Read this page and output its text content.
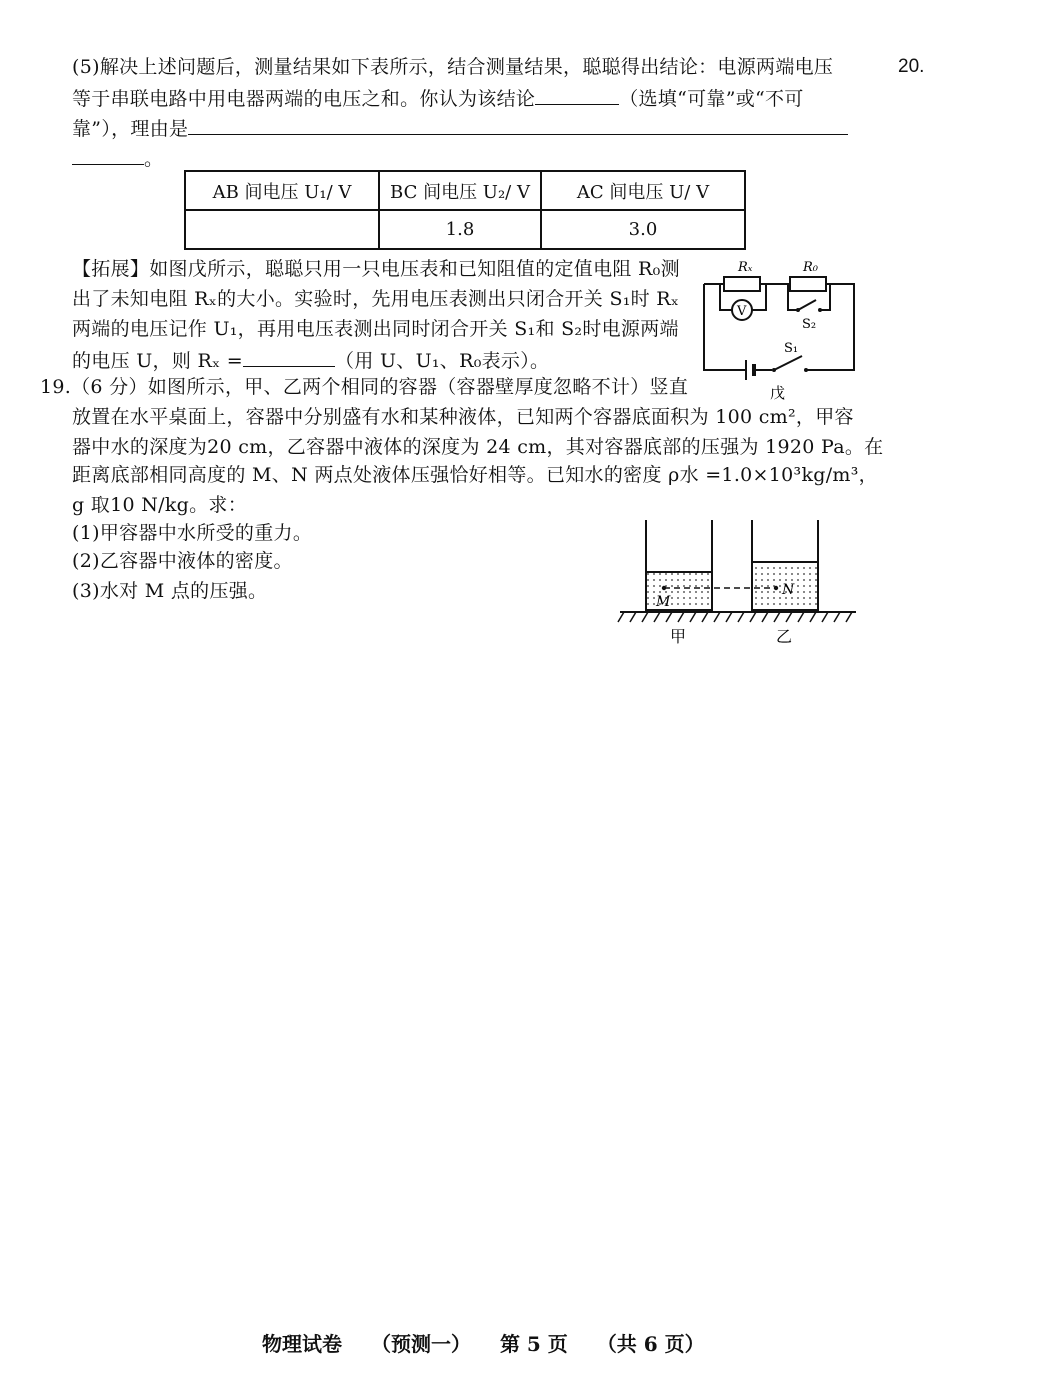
20.
(5)解决上述问题后，测量结果如下表所示，结合测量结果，聪聪得出结论：电源两端电压
等于串联电路中用电器两端的电压之和。你认为该结论	（选填“可靠”或“不可
靠”），理由是
。
AB 间电压 U₁/ V	BC 间电压 U₂/ V	AC 间电压 U/ V
	1.8	3.0
【拓展】如图戊所示，聪聪只用一只电压表和已知阻值的定值电阻 R₀测
出了未知电阻 Rₓ的大小。实验时，先用电压表测出只闭合开关 S₁时 Rₓ
两端的电压记作 U₁，再用电压表测出同时闭合开关 S₁和 S₂时电源两端
的电压 U，则 Rₓ =	（用 U、U₁、R₀表示）。
Rₓ	R₀
V
S₂
S₁
戊
19.（6 分）如图所示，甲、乙两个相同的容器（容器壁厚度忽略不计）竖直
放置在水平桌面上，容器中分别盛有水和某种液体，已知两个容器底面积为 100 cm²，甲容
器中水的深度为20 cm，乙容器中液体的深度为 24 cm，其对容器底部的压强为 1920 Pa。在
距离底部相同高度的 M、N 两点处液体压强恰好相等。已知水的密度 ρ水 =1.0×10³kg/m³，
g 取10 N/kg。求：
(1)甲容器中水所受的重力。
(2)乙容器中液体的密度。
(3)水对 M 点的压强。	M
N
甲	乙
物理试卷 （预测一） 第 5 页 （共 6 页）
